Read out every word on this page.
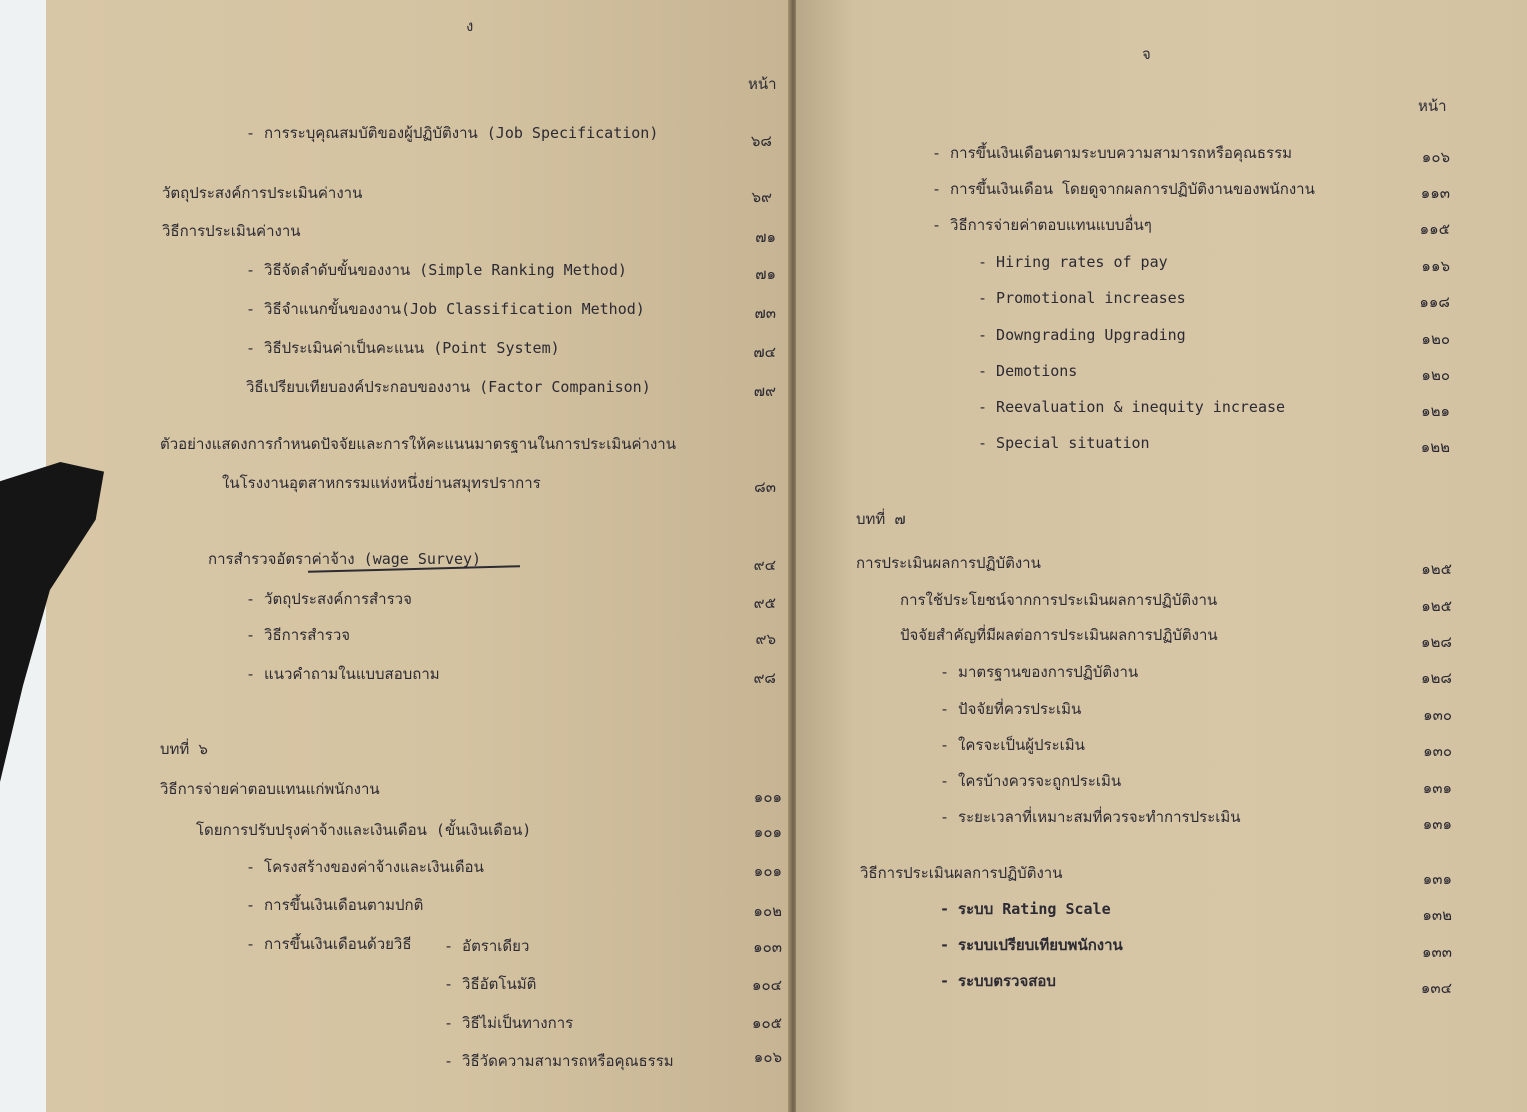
ง
หน้า
- การระบุคุณสมบัติของผู้ปฏิบัติงาน (Job Specification)	๖๘
วัตถุประสงค์การประเมินค่างาน	๖๙
วิธีการประเมินค่างาน	๗๑
- วิธีจัดลำดับขั้นของงาน (Simple Ranking Method)	๗๑
- วิธีจำแนกขั้นของงาน(Job Classification Method)	๗๓
- วิธีประเมินค่าเป็นคะแนน (Point System)	๗๔
วิธีเปรียบเทียบองค์ประกอบของงาน (Factor Companison)	๗๙
ตัวอย่างแสดงการกำหนดปัจจัยและการให้คะแนนมาตรฐานในการประเมินค่างาน
ในโรงงานอุตสาหกรรมแห่งหนึ่งย่านสมุทรปราการ	๘๓
การสำรวจอัตราค่าจ้าง (wage Survey)	๙๔
- วัตถุประสงค์การสำรวจ	๙๕
- วิธีการสำรวจ	๙๖
- แนวคำถามในแบบสอบถาม	๙๘
บทที่ ๖
วิธีการจ่ายค่าตอบแทนแก่พนักงาน	๑๐๑
โดยการปรับปรุงค่าจ้างและเงินเดือน (ขั้นเงินเดือน)	๑๐๑
- โครงสร้างของค่าจ้างและเงินเดือน	๑๐๑
- การขึ้นเงินเดือนตามปกติ	๑๐๒
- การขึ้นเงินเดือนด้วยวิธี - อัตราเดียว	๑๐๓
- วิธีอัตโนมัติ	๑๐๔
- วิธีไม่เป็นทางการ	๑๐๕
- วิธีวัดความสามารถหรือคุณธรรม	๑๐๖
จ
หน้า
- การขึ้นเงินเดือนตามระบบความสามารถหรือคุณธรรม	๑๐๖
- การขึ้นเงินเดือน โดยดูจากผลการปฏิบัติงานของพนักงาน	๑๑๓
- วิธีการจ่ายค่าตอบแทนแบบอื่นๆ	๑๑๕
- Hiring rates of pay	๑๑๖
- Promotional increases	๑๑๘
- Downgrading Upgrading	๑๒๐
- Demotions	๑๒๐
- Reevaluation & inequity increase	๑๒๑
- Special situation	๑๒๒
บทที่ ๗
การประเมินผลการปฏิบัติงาน	๑๒๕
การใช้ประโยชน์จากการประเมินผลการปฏิบัติงาน	๑๒๕
ปัจจัยสำคัญที่มีผลต่อการประเมินผลการปฏิบัติงาน	๑๒๘
- มาตรฐานของการปฏิบัติงาน	๑๒๘
- ปัจจัยที่ควรประเมิน	๑๓๐
- ใครจะเป็นผู้ประเมิน	๑๓๐
- ใครบ้างควรจะถูกประเมิน	๑๓๑
- ระยะเวลาที่เหมาะสมที่ควรจะทำการประเมิน	๑๓๑
วิธีการประเมินผลการปฏิบัติงาน	๑๓๑
- ระบบ Rating Scale	๑๓๒
- ระบบเปรียบเทียบพนักงาน	๑๓๓
- ระบบตรวจสอบ	๑๓๔
